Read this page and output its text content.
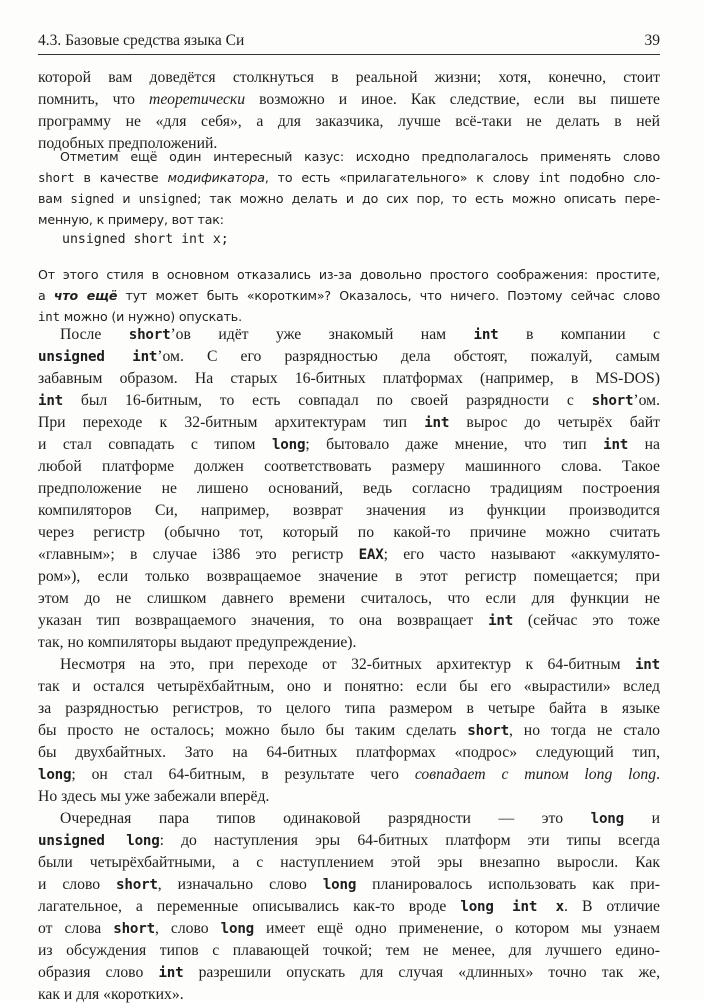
4.3. Базовые средства языка Си	39
которой вам доведётся столкнуться в реальной жизни; хотя, конечно, стоит
помнить, что теоретически возможно и иное. Как следствие, если вы пишете
программу не «для себя», а для заказчика, лучше всё-таки не делать в ней
подобных предположений.
Отметим ещё один интересный казус: исходно предполагалось применять слово
short в качестве модификатора, то есть «прилагательного» к слову int подобно сло-
вам signed и unsigned; так можно делать и до сих пор, то есть можно описать пере-
менную, к примеру, вот так:
От этого стиля в основном отказались из-за довольно простого соображения: простите,
а что ещё тут может быть «коротким»? Оказалось, что ничего. Поэтому сейчас слово
int можно (и нужно) опускать.
После short’ов идёт уже знакомый нам int в компании с
unsigned int’ом. С его разрядностью дела обстоят, пожалуй, самым
забавным образом. На старых 16-битных платформах (например, в MS-DOS)
int был 16-битным, то есть совпадал по своей разрядности с short’ом.
При переходе к 32-битным архитектурам тип int вырос до четырёх байт
и стал совпадать с типом long; бытовало даже мнение, что тип int на
любой платформе должен соответствовать размеру машинного слова. Такое
предположение не лишено оснований, ведь согласно традициям построения
компиляторов Си, например, возврат значения из функции производится
через регистр (обычно тот, который по какой-то причине можно считать
«главным»; в случае i386 это регистр EAX; его часто называют «аккумулято-
ром»), если только возвращаемое значение в этот регистр помещается; при
этом до не слишком давнего времени считалось, что если для функции не
указан тип возвращаемого значения, то она возвращает int (сейчас это тоже
так, но компиляторы выдают предупреждение).
Несмотря на это, при переходе от 32-битных архитектур к 64-битным int
так и остался четырёхбайтным, оно и понятно: если бы его «вырастили» вслед
за разрядностью регистров, то целого типа размером в четыре байта в языке
бы просто не осталось; можно было бы таким сделать short, но тогда не стало
бы двухбайтных. Зато на 64-битных платформах «подрос» следующий тип,
long; он стал 64-битным, в результате чего совпадает с типом long long.
Но здесь мы уже забежали вперёд.
Очередная пара типов одинаковой разрядности — это long и
unsigned long: до наступления эры 64-битных платформ эти типы всегда
были четырёхбайтными, а с наступлением этой эры внезапно выросли. Как
и слово short, изначально слово long планировалось использовать как при-
лагательное, а переменные описывались как-то вроде long int x. В отличие
от слова short, слово long имеет ещё одно применение, о котором мы узнаем
из обсуждения типов с плавающей точкой; тем не менее, для лучшего едино-
образия слово int разрешили опускать для случая «длинных» точно так же,
как и для «коротких».
unsigned short int x;
